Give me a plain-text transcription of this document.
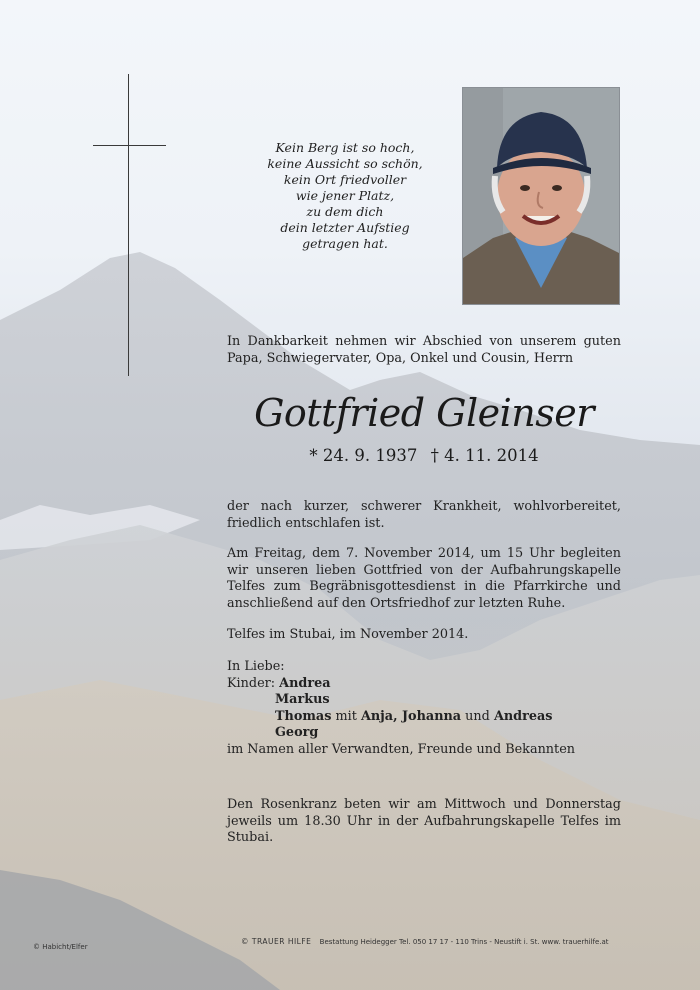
Kein Berg ist so hoch,
keine Aussicht so schön,
kein Ort friedvoller
wie jener Platz,
zu dem dich
dein letzter Aufstieg
getragen hat.

In Dankbarkeit nehmen wir Abschied von unserem guten Papa, Schwiegervater, Opa, Onkel und Cousin, Herrn

Gottfried Gleinser
* 24. 9. 1937 † 4. 11. 2014

der nach kurzer, schwerer Krankheit, wohlvorbereitet, friedlich entschlafen ist.

Am Freitag, dem 7. November 2014, um 15 Uhr begleiten wir unseren lieben Gottfried von der Aufbahrungskapelle Telfes zum Begräbnisgottesdienst in die Pfarrkirche und anschließend auf den Ortsfriedhof zur letzten Ruhe.

Telfes im Stubai, im November 2014.

In Liebe:
Kinder: Andrea
Markus
Thomas mit Anja, Johanna und Andreas
Georg
im Namen aller Verwandten, Freunde und Bekannten

Den Rosenkranz beten wir am Mittwoch und Donnerstag jeweils um 18.30 Uhr in der Aufbahrungskapelle Telfes im Stubai.

© Habicht/Elfer
© TRAUER HILFE Bestattung Heidegger Tel. 050 17 17 - 110 Trins - Neustift i. St. www. trauerhilfe.at
